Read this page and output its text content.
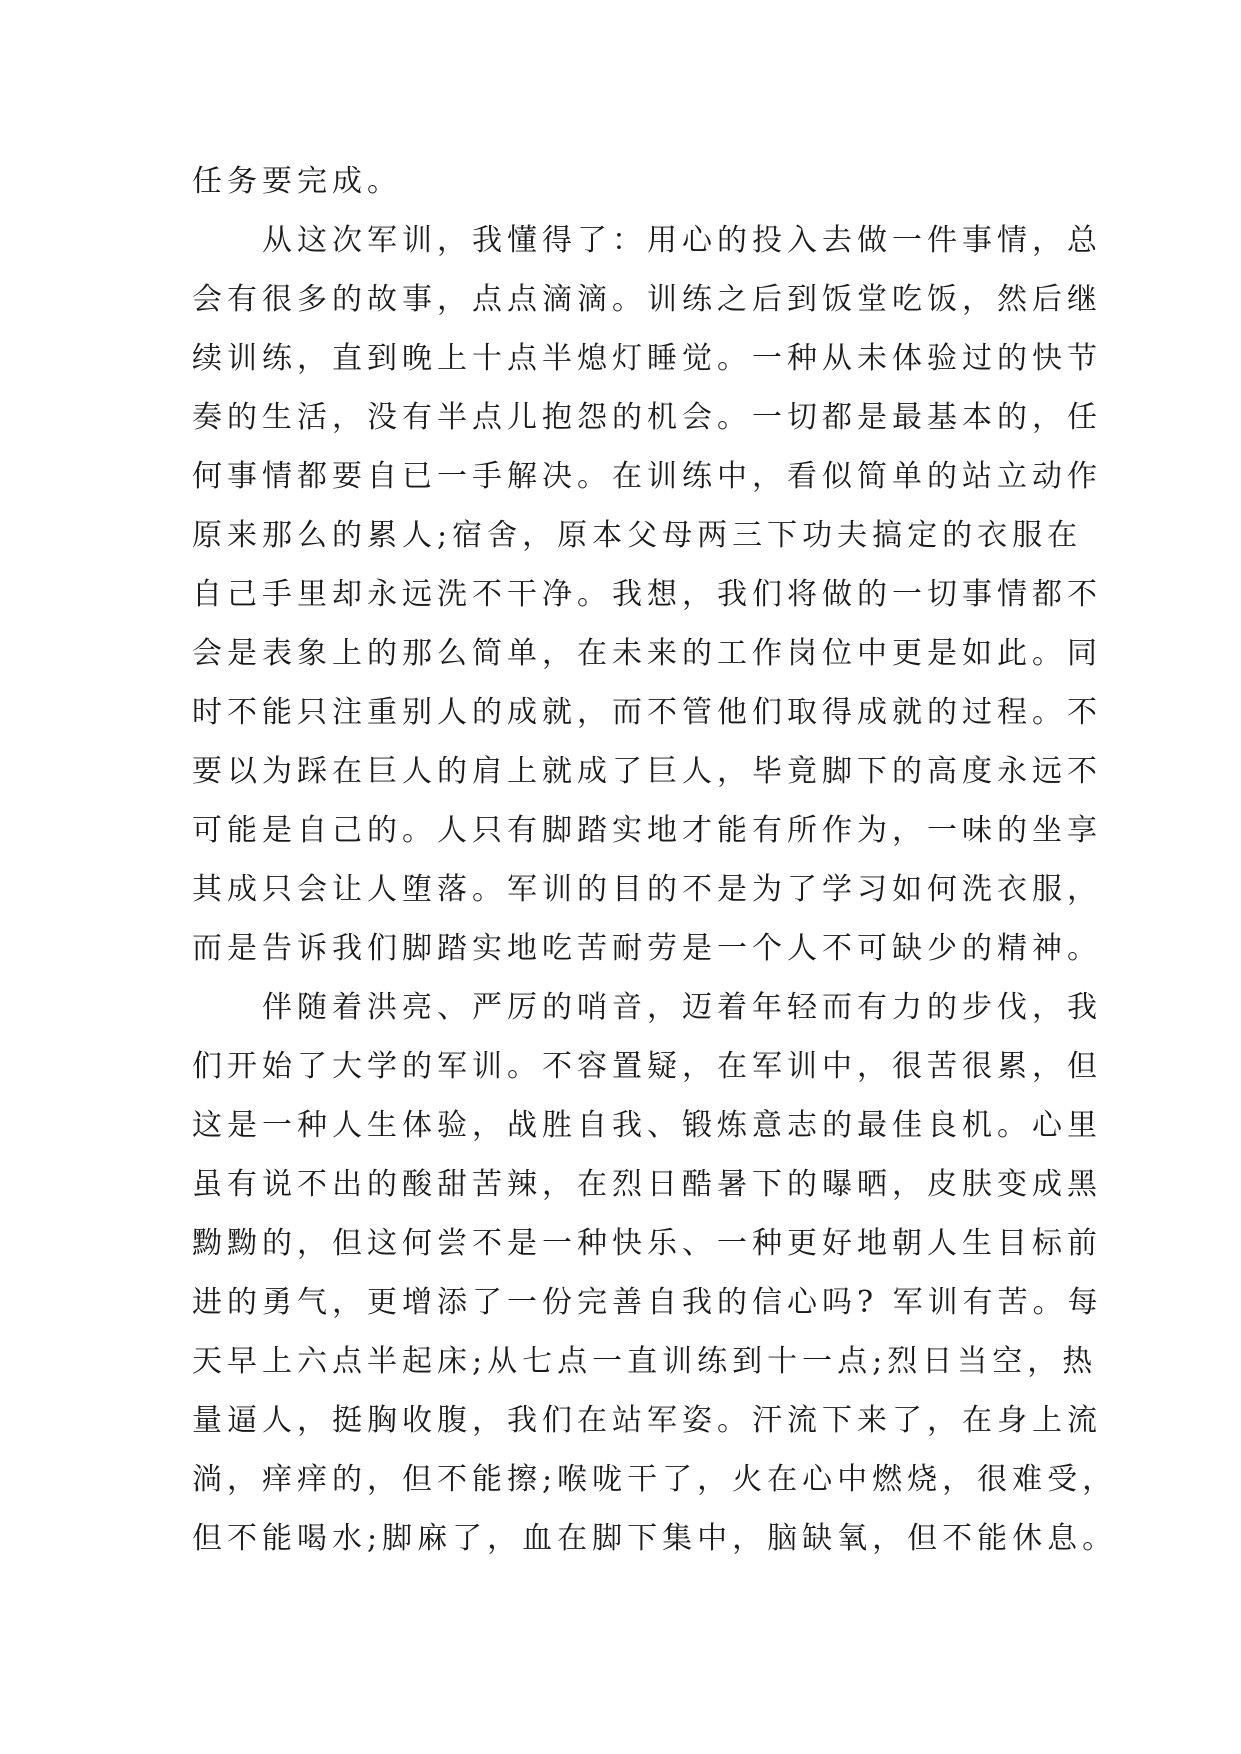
任务要完成。
　　从这次军训，我懂得了：用心的投入去做一件事情，总
会有很多的故事，点点滴滴。训练之后到饭堂吃饭，然后继
续训练，直到晚上十点半熄灯睡觉。一种从未体验过的快节
奏的生活，没有半点儿抱怨的机会。一切都是最基本的，任
何事情都要自已一手解决。在训练中，看似简单的站立动作
原来那么的累人;宿舍，原本父母两三下功夫搞定的衣服在
自己手里却永远洗不干净。我想，我们将做的一切事情都不
会是表象上的那么简单，在未来的工作岗位中更是如此。同
时不能只注重别人的成就，而不管他们取得成就的过程。不
要以为踩在巨人的肩上就成了巨人，毕竟脚下的高度永远不
可能是自己的。人只有脚踏实地才能有所作为，一味的坐享
其成只会让人堕落。军训的目的不是为了学习如何洗衣服，
而是告诉我们脚踏实地吃苦耐劳是一个人不可缺少的精神。
　　伴随着洪亮、严厉的哨音，迈着年轻而有力的步伐，我
们开始了大学的军训。不容置疑，在军训中，很苦很累，但
这是一种人生体验，战胜自我、锻炼意志的最佳良机。心里
虽有说不出的酸甜苦辣，在烈日酷暑下的曝晒，皮肤变成黑
黝黝的，但这何尝不是一种快乐、一种更好地朝人生目标前
进的勇气，更增添了一份完善自我的信心吗? 军训有苦。每
天早上六点半起床;从七点一直训练到十一点;烈日当空，热
量逼人，挺胸收腹，我们在站军姿。汗流下来了，在身上流
淌，痒痒的，但不能擦;喉咙干了，火在心中燃烧，很难受，
但不能喝水;脚麻了，血在脚下集中，脑缺氧，但不能休息。
